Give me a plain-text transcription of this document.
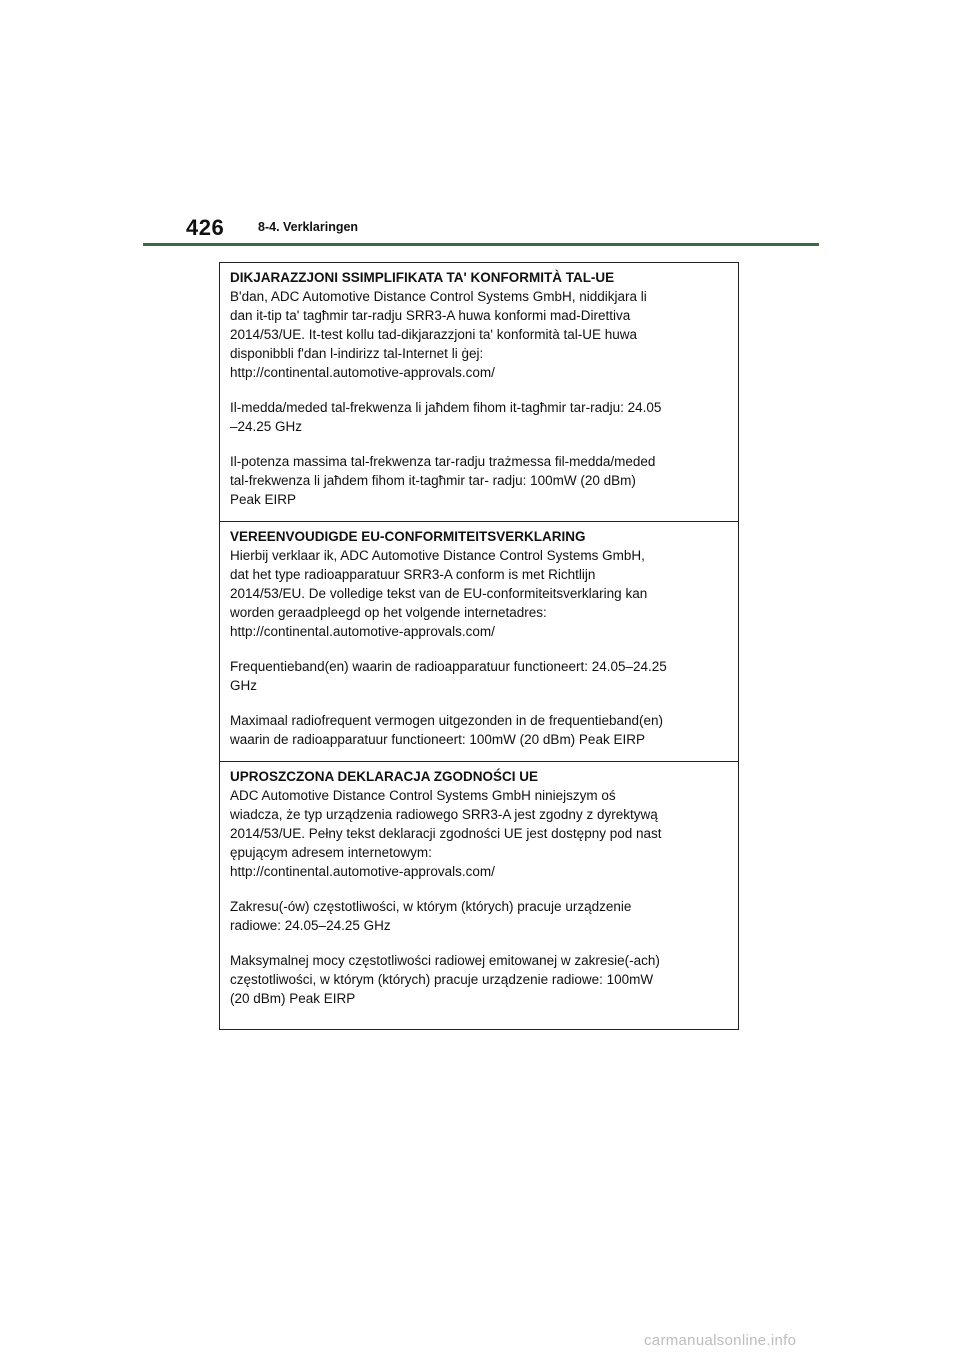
426	8-4. Verklaringen

DIKJARAZZJONI SSIMPLIFIKATA TA' KONFORMITÀ TAL-UE

B'dan, ADC Automotive Distance Control Systems GmbH, niddikjara li
dan it-tip ta' tagħmir tar-radju SRR3-A huwa konformi mad-Direttiva
2014/53/UE. It-test kollu tad-dikjarazzjoni ta' konformità tal-UE huwa
disponibbli f'dan l-indirizz tal-Internet li ġej:
http://continental.automotive-approvals.com/

Il-medda/meded tal-frekwenza li jaħdem fihom it-tagħmir tar-radju: 24.05
–24.25 GHz

Il-potenza massima tal-frekwenza tar-radju trażmessa fil-medda/meded
tal-frekwenza li jaħdem fihom it-tagħmir tar- radju: 100mW (20 dBm)
Peak EIRP

VEREENVOUDIGDE EU-CONFORMITEITSVERKLARING

Hierbij verklaar ik, ADC Automotive Distance Control Systems GmbH,
dat het type radioapparatuur SRR3-A conform is met Richtlijn
2014/53/EU. De volledige tekst van de EU-conformiteitsverklaring kan
worden geraadpleegd op het volgende internetadres:
http://continental.automotive-approvals.com/

Frequentieband(en) waarin de radioapparatuur functioneert: 24.05–24.25
GHz

Maximaal radiofrequent vermogen uitgezonden in de frequentieband(en)
waarin de radioapparatuur functioneert: 100mW (20 dBm) Peak EIRP

UPROSZCZONA DEKLARACJA ZGODNOŚCI UE

ADC Automotive Distance Control Systems GmbH niniejszym oś
wiadcza, że typ urządzenia radiowego SRR3-A jest zgodny z dyrektywą
2014/53/UE. Pełny tekst deklaracji zgodności UE jest dostępny pod nast
ępującym adresem internetowym:
http://continental.automotive-approvals.com/

Zakresu(-ów) częstotliwości, w którym (których) pracuje urządzenie
radiowe: 24.05–24.25 GHz

Maksymalnej mocy częstotliwości radiowej emitowanej w zakresie(-ach)
częstotliwości, w którym (których) pracuje urządzenie radiowe: 100mW
(20 dBm) Peak EIRP

carmanualsonline.info
